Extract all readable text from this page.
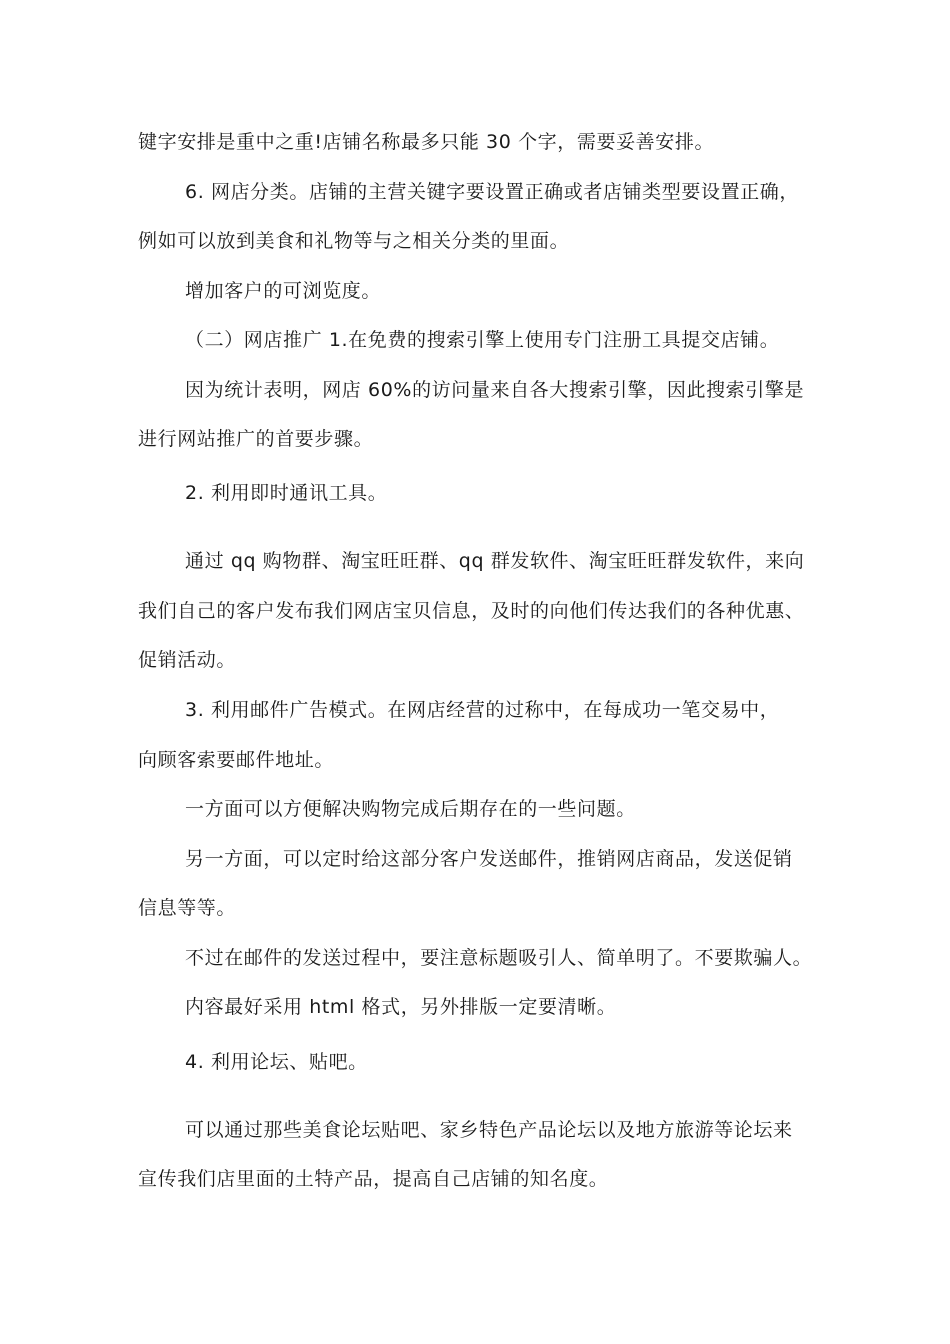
键字安排是重中之重!店铺名称最多只能 30 个字，需要妥善安排。
6. 网店分类。店铺的主营关键字要设置正确或者店铺类型要设置正确，
例如可以放到美食和礼物等与之相关分类的里面。
增加客户的可浏览度。
（二）网店推广 1.在免费的搜索引擎上使用专门注册工具提交店铺。
因为统计表明，网店 60%的访问量来自各大搜索引擎，因此搜索引擎是
进行网站推广的首要步骤。
2. 利用即时通讯工具。
通过 qq 购物群、淘宝旺旺群、qq 群发软件、淘宝旺旺群发软件，来向
我们自己的客户发布我们网店宝贝信息，及时的向他们传达我们的各种优惠、
促销活动。
3. 利用邮件广告模式。在网店经营的过称中，在每成功一笔交易中，
向顾客索要邮件地址。
一方面可以方便解决购物完成后期存在的一些问题。
另一方面，可以定时给这部分客户发送邮件，推销网店商品，发送促销
信息等等。
不过在邮件的发送过程中，要注意标题吸引人、简单明了。不要欺骗人。
内容最好采用 html 格式，另外排版一定要清晰。
4. 利用论坛、贴吧。
可以通过那些美食论坛贴吧、家乡特色产品论坛以及地方旅游等论坛来
宣传我们店里面的土特产品，提高自己店铺的知名度。
